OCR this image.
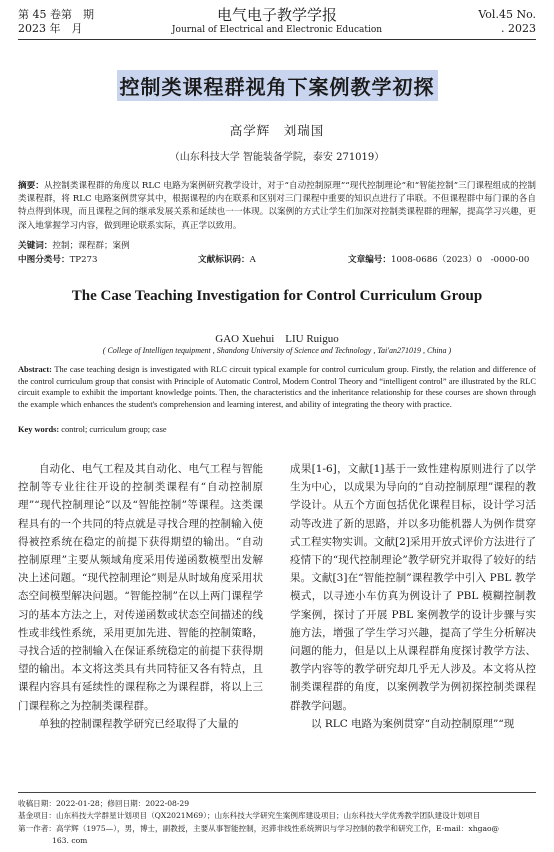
第 45 卷第　期
2023 年　月
电气电子教学学报
Journal of Electrical and Electronic Education
Vol.45 No.
. 2023
控制类课程群视角下案例教学初探
高学辉　刘瑞国
（山东科技大学 智能装备学院，泰安 271019）
摘要：从控制类课程群的角度以 RLC 电路为案例研究教学设计，对于“自动控制原理”“现代控制理论”和“智能控制”三门课程组成的控制类课程群，将 RLC 电路案例贯穿其中，根据课程的内在联系和区别对三门课程中重要的知识点进行了串联。不但课程群中每门课的各自特点得到体现，而且课程之间的继承发展关系和延续也一一体现。以案例的方式让学生们加深对控制类课程群的理解，提高学习兴趣，更深入地掌握学习内容，做到理论联系实际，真正学以致用。
关键词：控制；课程群；案例
中图分类号：TP273	文献标识码：A	文章编号：1008-0686（2023）0　-0000-00
The Case Teaching Investigation for Control Curriculum Group
GAO Xuehui　LIU Ruiguo
( College of Intelligen tequipment , Shandong University of Science and Technology , Tai'an271019 , China )
Abstract: The case teaching design is investigated with RLC circuit typical example for control curriculum group. Firstly, the relation and difference of the control curriculum group that consist with Principle of Automatic Control, Modern Control Theory and “intelligent control” are illustrated by the RLC circuit example to exhibit the important knowledge points. Then, the characteristics and the inheritance relationship for these courses are shown through the example which enhances the student's comprehension and learning interest, and ability of integrating the theory with practice.
Key words: control; curriculum group; case

自动化、电气工程及其自动化、电气工程与智能控制等专业往往开设的控制类课程有“自动控制原理”“现代控制理论”以及“智能控制”等课程。这类课程具有的一个共同的特点就是寻找合理的控制输入使得被控系统在稳定的前提下获得期望的输出。“自动控制原理”主要从频域角度采用传递函数模型出发解决上述问题。“现代控制理论”则是从时域角度采用状态空间模型解决问题。“智能控制”在以上两门课程学习的基本方法之上，对传递函数或状态空间描述的线性或非线性系统，采用更加先进、智能的控制策略，寻找合适的控制输入在保证系统稳定的前提下获得期望的输出。本文将这类具有共同特征又各有特点，且课程内容具有延续性的课程称之为课程群，将以上三门课程称之为控制类课程群。

单独的控制课程教学研究已经取得了大量的

成果[1-6]，文献[1]基于一致性建构原则进行了以学生为中心，以成果为导向的“自动控制原理”课程的教学设计。从五个方面包括优化课程目标，设计学习活动等改进了新的思路，并以多功能机器人为例作贯穿式工程实物实训。文献[2]采用开放式评价方法进行了疫情下的“现代控制理论”教学研究并取得了较好的结果。文献[3]在“智能控制”课程教学中引入 PBL 教学模式，以寻迹小车仿真为例设计了 PBL 模糊控制教学案例，探讨了开展 PBL 案例教学的设计步骤与实施方法，增强了学生学习兴趣，提高了学生分析解决问题的能力，但是以上从课程群角度探讨教学方法、教学内容等的教学研究却几乎无人涉及。本文将从控制类课程群的角度，以案例教学为例初探控制类课程群教学问题。

以 RLC 电路为案例贯穿“自动控制原理”“现

收稿日期：2022-01-28；修回日期：2022-08-29
基金项目：山东科技大学群星计划项目（QX2021M69）；山东科技大学研究生案例库建设项目；山东科技大学优秀教学团队建设计划项目
第一作者：高学辉（1975—），男，博士，副教授，主要从事智能控制，迟滞非线性系统辨识与学习控制的教学和研究工作，E-mail：xhgao@
163. com
